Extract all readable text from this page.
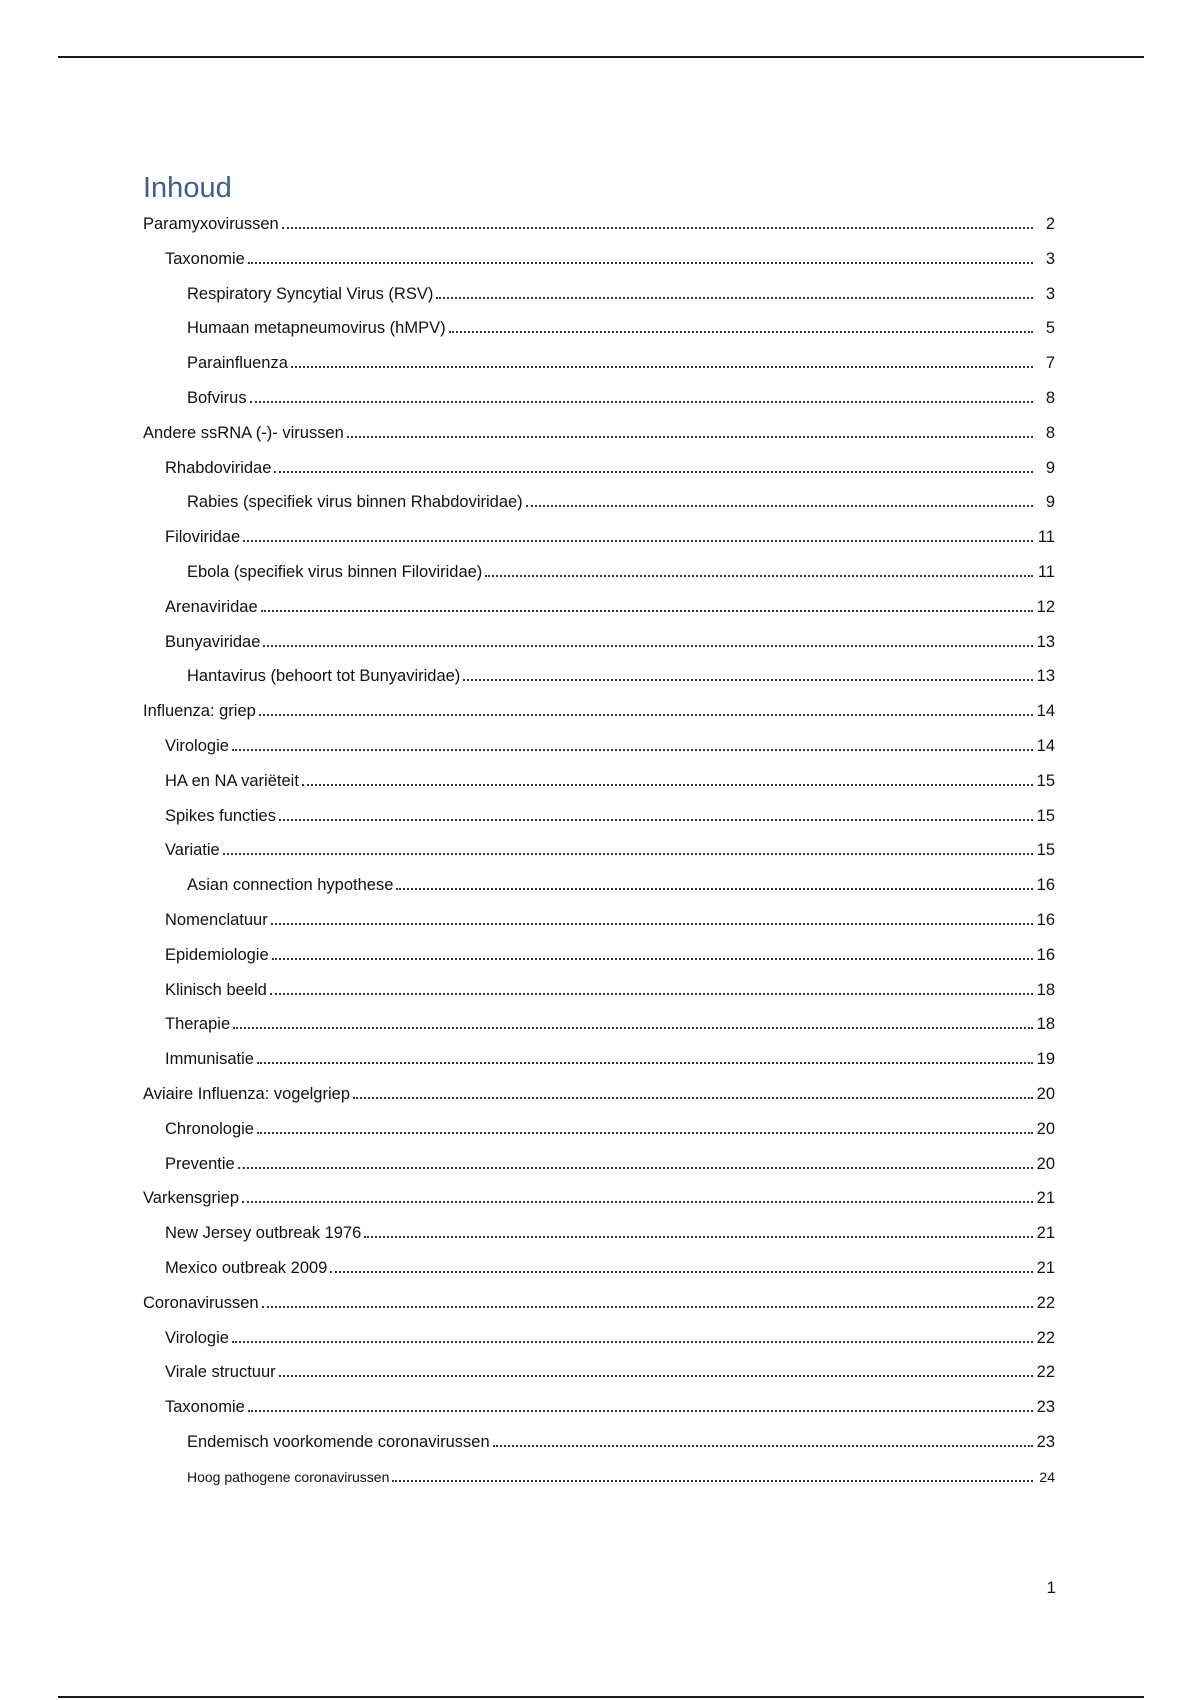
Inhoud
Paramyxovirussen	2
Taxonomie	3
Respiratory Syncytial Virus (RSV)	3
Humaan metapneumovirus (hMPV)	5
Parainfluenza	7
Bofvirus	8
Andere ssRNA (-)- virussen	8
Rhabdoviridae	9
Rabies (specifiek virus binnen Rhabdoviridae)	9
Filoviridae	11
Ebola (specifiek virus binnen Filoviridae)	11
Arenaviridae	12
Bunyaviridae	13
Hantavirus (behoort tot Bunyaviridae)	13
Influenza: griep	14
Virologie	14
HA en NA variëteit	15
Spikes functies	15
Variatie	15
Asian connection hypothese	16
Nomenclatuur	16
Epidemiologie	16
Klinisch beeld	18
Therapie	18
Immunisatie	19
Aviaire Influenza: vogelgriep	20
Chronologie	20
Preventie	20
Varkensgriep	21
New Jersey outbreak 1976	21
Mexico outbreak 2009	21
Coronavirussen	22
Virologie	22
Virale structuur	22
Taxonomie	23
Endemisch voorkomende coronavirussen	23
Hoog pathogene coronavirussen	24
1
